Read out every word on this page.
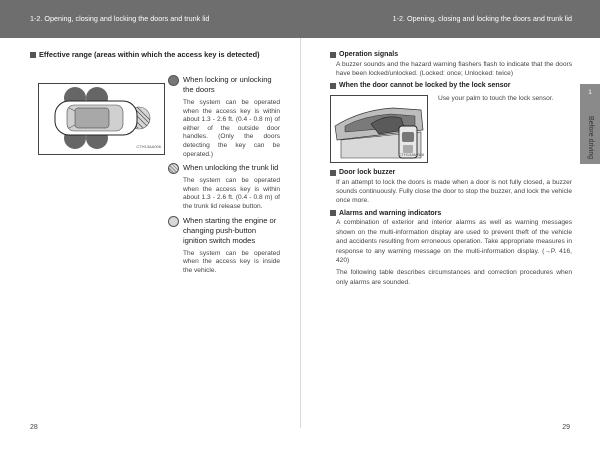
1-2. Opening, closing and locking the doors and trunk lid	1-2. Opening, closing and locking the doors and trunk lid
Effective range (areas within which the access key is detected)
CTH13AA006
When locking or unlocking the doors
The system can be operated when the access key is within about 1.3 - 2.6 ft. (0.4 - 0.8 m) of either of the outside door handles. (Only the doors detecting the key can be operated.)
When unlocking the trunk lid
The system can be operated when the access key is within about 1.3 - 2.6 ft. (0.4 - 0.8 m) of the trunk lid release button.
When starting the engine or changing push-button ignition switch modes
The system can be operated when the access key is inside the vehicle.
Operation signals
A buzzer sounds and the hazard warning flashers flash to indicate that the doors have been locked/unlocked. (Locked: once; Unlocked: twice)
When the door cannot be locked by the lock sensor
CTH13AM088
Use your palm to touch the lock sensor.
Door lock buzzer
If an attempt to lock the doors is made when a door is not fully closed, a buzzer sounds continuously. Fully close the door to stop the buzzer, and lock the vehicle once more.
Alarms and warning indicators

A combination of exterior and interior alarms as well as warning messages shown on the multi-information display are used to prevent theft of the vehicle and accidents resulting from erroneous operation. Take appropriate measures in response to any warning message on the multi-information display. (→P. 416, 420)

The following table describes circumstances and correction procedures when only alarms are sounded.

1
Before driving
28	29
